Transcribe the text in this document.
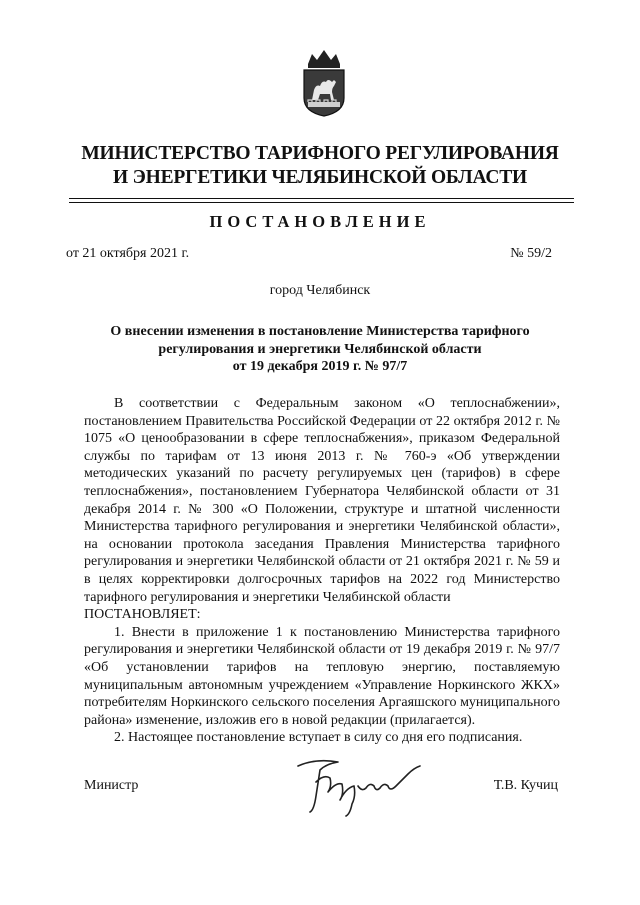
МИНИСТЕРСТВО ТАРИФНОГО РЕГУЛИРОВАНИЯ
И ЭНЕРГЕТИКИ ЧЕЛЯБИНСКОЙ ОБЛАСТИ
ПОСТАНОВЛЕНИЕ
от 21 октября 2021 г.	№ 59/2
город Челябинск
О внесении изменения в постановление Министерства тарифного
регулирования и энергетики Челябинской области
от 19 декабря 2019 г. № 97/7

В соответствии с Федеральным законом «О теплоснабжении», постановлением Правительства Российской Федерации от 22 октября 2012 г. № 1075 «О ценообразовании в сфере теплоснабжения», приказом Федеральной службы по тарифам от 13 июня 2013 г. № 760-э «Об утверждении методических указаний по расчету регулируемых цен (тарифов) в сфере теплоснабжения», постановлением Губернатора Челябинской области от 31 декабря 2014 г. № 300 «О Положении, структуре и штатной численности Министерства тарифного регулирования и энергетики Челябинской области», на основании протокола заседания Правления Министерства тарифного регулирования и энергетики Челябинской области от 21 октября 2021 г. № 59 и в целях корректировки долгосрочных тарифов на 2022 год Министерство тарифного регулирования и энергетики Челябинской области

ПОСТАНОВЛЯЕТ:

1. Внести в приложение 1 к постановлению Министерства тарифного регулирования и энергетики Челябинской области от 19 декабря 2019 г. № 97/7 «Об установлении тарифов на тепловую энергию, поставляемую муниципальным автономным учреждением «Управление Норкинского ЖКХ» потребителям Норкинского сельского поселения Аргаяшского муниципального района» изменение, изложив его в новой редакции (прилагается).

2. Настоящее постановление вступает в силу со дня его подписания.

Министр	Т.В. Кучиц
